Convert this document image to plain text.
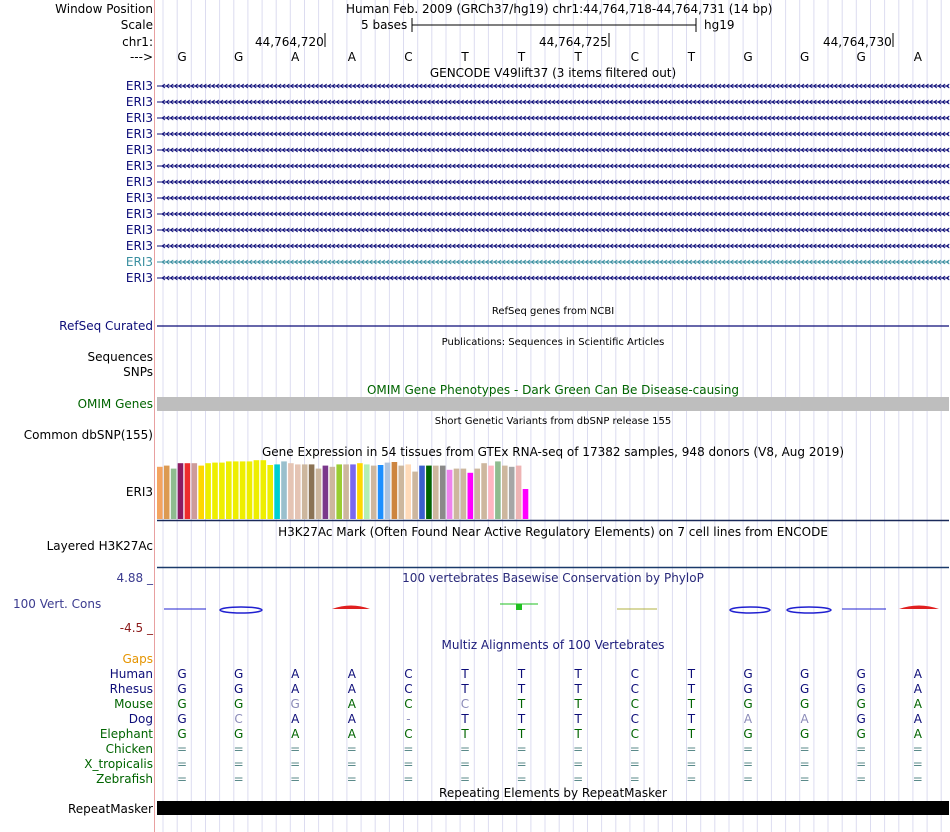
Window Position	Human Feb. 2009 (GRCh37/hg19) chr1:44,764,718-44,764,731 (14 bp)
Scale	5 bases	hg19
chr1:	44,764,720	44,764,725	44,764,730
---> G	G	A	A	C	T	T	T	C	T	G	G	G	A
GENCODE V49lift37 (3 items filtered out)
ERI3
ERI3
ERI3
ERI3
ERI3
ERI3
ERI3
ERI3
ERI3
ERI3
ERI3
ERI3
ERI3
RefSeq genes from NCBI
RefSeq Curated
Publications: Sequences in Scientific Articles
Sequences
SNPs
OMIM Gene Phenotypes - Dark Green Can Be Disease-causing
OMIM Genes
Short Genetic Variants from dbSNP release 155
Common dbSNP(155)
Gene Expression in 54 tissues from GTEx RNA-seq of 17382 samples, 948 donors (V8, Aug 2019)
ERI3
H3K27Ac Mark (Often Found Near Active Regulatory Elements) on 7 cell lines from ENCODE
Layered H3K27Ac
100 vertebrates Basewise Conservation by PhyloP
4.88 _
100 Vert. Cons
-4.5 _
Multiz Alignments of 100 Vertebrates
Gaps
Human G	G	A	A	C	T	T	T	C	T	G	G	G	A
Rhesus G	G	A	A	C	T	T	T	C	T	G	G	G	A
Mouse G	G	G	A	C	C	T	T	C	T	G	G	G	A
Dog G	C	A	A	-	T	T	T	C	T	A	A	G	A
Elephant G	G	A	A	C	T	T	T	C	T	G	G	G	A
Chicken =	=	=	=	=	=	=	=	=	=	=	=	=	=
X_tropicalis =	=	=	=	=	=	=	=	=	=	=	=	=	=
Zebrafish =	=	=	=	=	=	=	=	=	=	=	=	=	=
Repeating Elements by RepeatMasker
RepeatMasker
